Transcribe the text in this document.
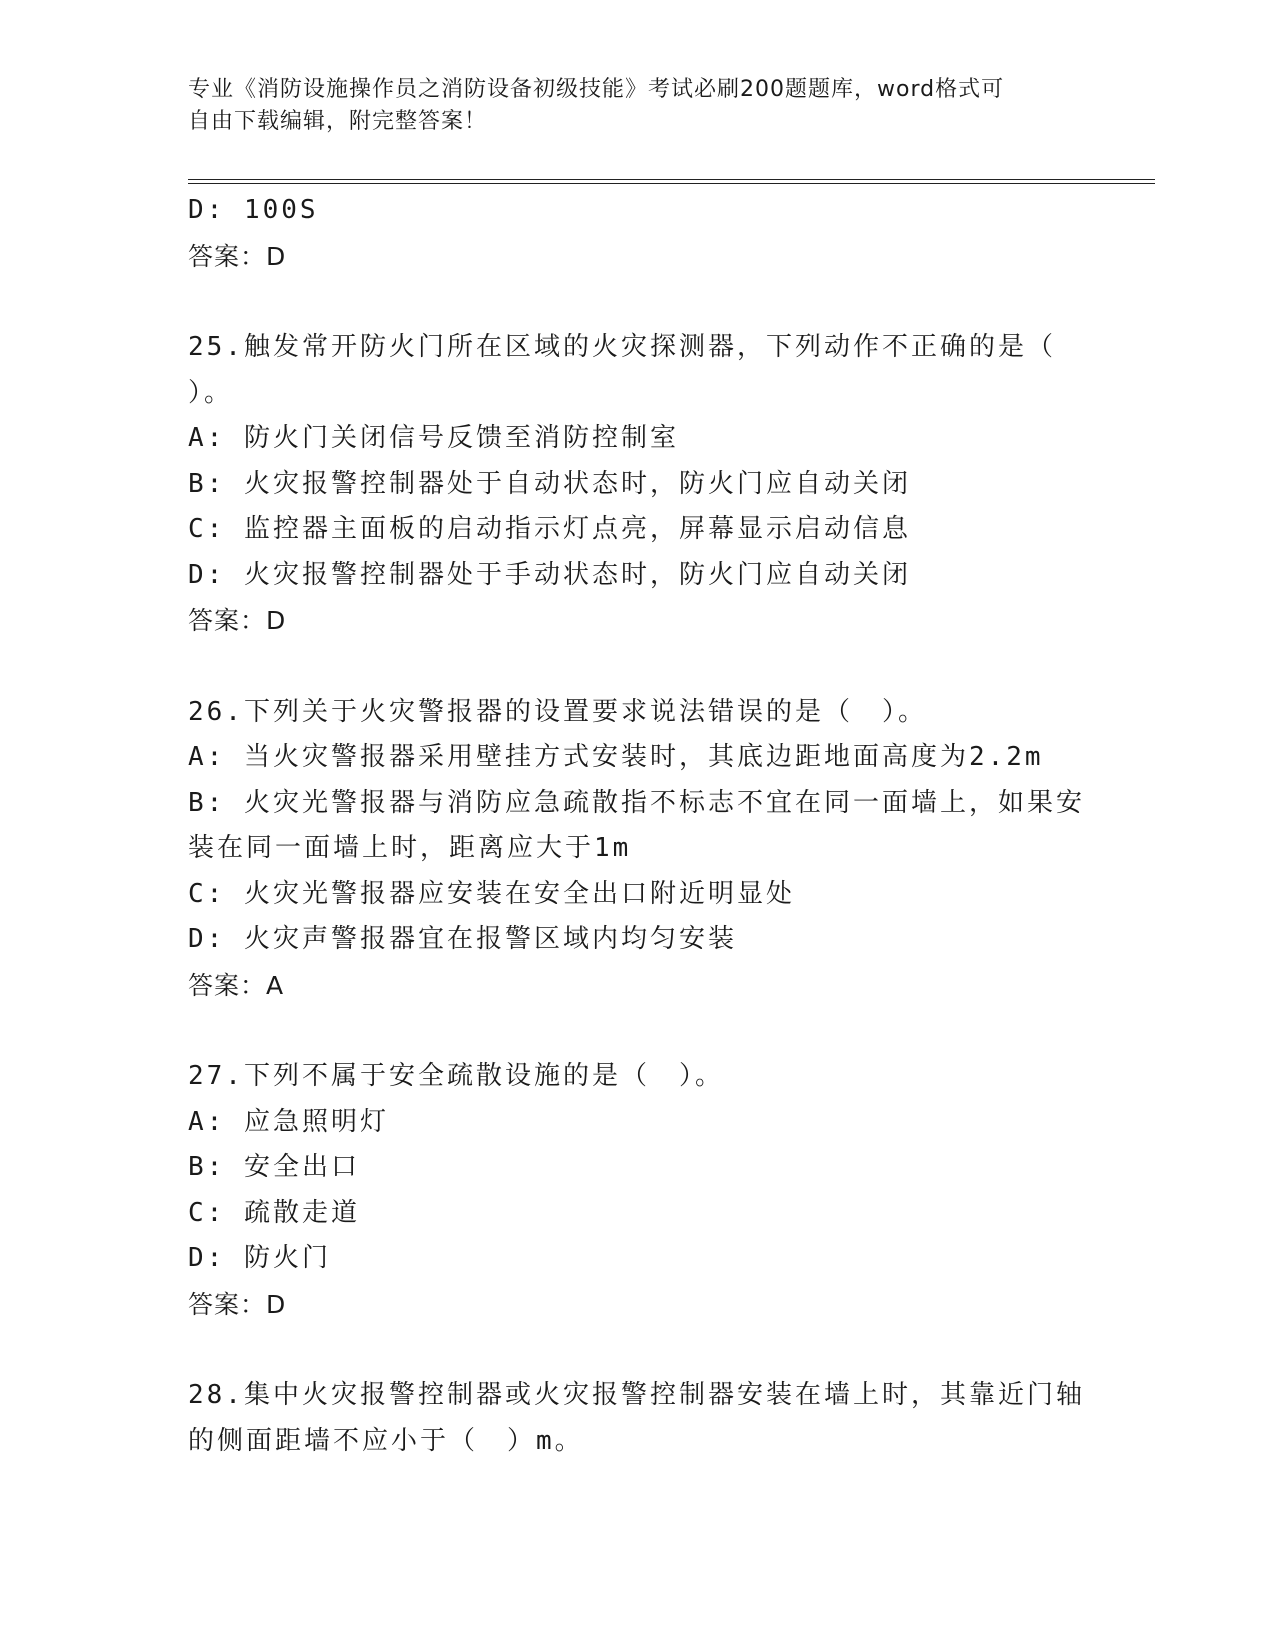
专业《消防设施操作员之消防设备初级技能》考试必刷200题题库，word格式可
自由下载编辑，附完整答案！
D: 100S
答案：D
25.触发常开防火门所在区域的火灾探测器，下列动作不正确的是（
）。
A: 防火门关闭信号反馈至消防控制室
B: 火灾报警控制器处于自动状态时，防火门应自动关闭
C: 监控器主面板的启动指示灯点亮，屏幕显示启动信息
D: 火灾报警控制器处于手动状态时，防火门应自动关闭
答案：D
26.下列关于火灾警报器的设置要求说法错误的是（　）。
A: 当火灾警报器采用壁挂方式安装时，其底边距地面高度为2.2m
B: 火灾光警报器与消防应急疏散指不标志不宜在同一面墙上，如果安
装在同一面墙上时，距离应大于1m
C: 火灾光警报器应安装在安全出口附近明显处
D: 火灾声警报器宜在报警区域内均匀安装
答案：A
27.下列不属于安全疏散设施的是（　）。
A: 应急照明灯
B: 安全出口
C: 疏散走道
D: 防火门
答案：D
28.集中火灾报警控制器或火灾报警控制器安装在墙上时，其靠近门轴
的侧面距墙不应小于（　）m。
